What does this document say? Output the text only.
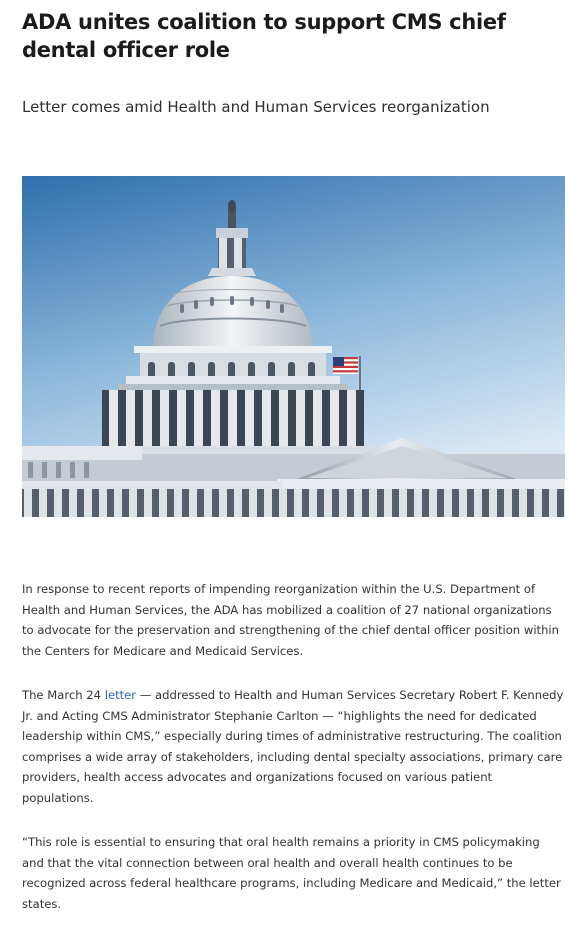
ADA unites coalition to support CMS chief dental officer role
Letter comes amid Health and Human Services reorganization

In response to recent reports of impending reorganization within the U.S. Department of Health and Human Services, the ADA has mobilized a coalition of 27 national organizations to advocate for the preservation and strengthening of the chief dental officer position within the Centers for Medicare and Medicaid Services.

The March 24 letter — addressed to Health and Human Services Secretary Robert F. Kennedy Jr. and Acting CMS Administrator Stephanie Carlton — “highlights the need for dedicated leadership within CMS,” especially during times of administrative restructuring. The coalition comprises a wide array of stakeholders, including dental specialty associations, primary care providers, health access advocates and organizations focused on various patient populations.

“This role is essential to ensuring that oral health remains a priority in CMS policymaking and that the vital connection between oral health and overall health continues to be recognized across federal healthcare programs, including Medicare and Medicaid,” the letter states.
